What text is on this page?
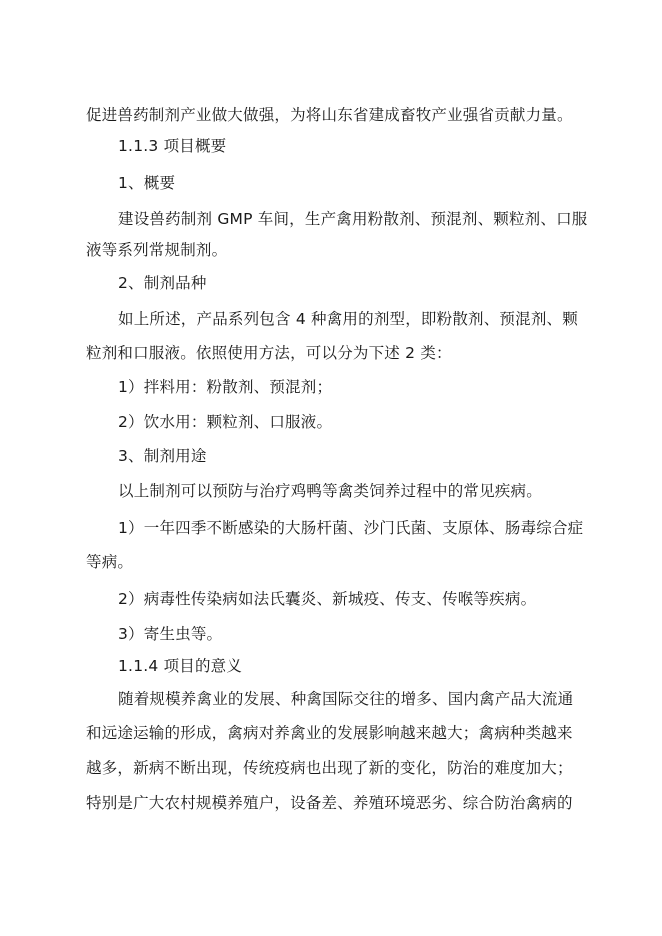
促进兽药制剂产业做大做强，为将山东省建成畜牧产业强省贡献力量。
1.1.3 项目概要
1、概要
建设兽药制剂 GMP 车间，生产禽用粉散剂、预混剂、颗粒剂、口服
液等系列常规制剂。
2、制剂品种
如上所述，产品系列包含 4 种禽用的剂型，即粉散剂、预混剂、颗
粒剂和口服液。依照使用方法，可以分为下述 2 类：
1）拌料用：粉散剂、预混剂；
2）饮水用：颗粒剂、口服液。
3、制剂用途
以上制剂可以预防与治疗鸡鸭等禽类饲养过程中的常见疾病。
1）一年四季不断感染的大肠杆菌、沙门氏菌、支原体、肠毒综合症
等病。
2）病毒性传染病如法氏囊炎、新城疫、传支、传喉等疾病。
3）寄生虫等。
1.1.4 项目的意义
随着规模养禽业的发展、种禽国际交往的增多、国内禽产品大流通
和远途运输的形成，禽病对养禽业的发展影响越来越大；禽病种类越来
越多，新病不断出现，传统疫病也出现了新的变化，防治的难度加大；
特别是广大农村规模养殖户，设备差、养殖环境恶劣、综合防治禽病的
